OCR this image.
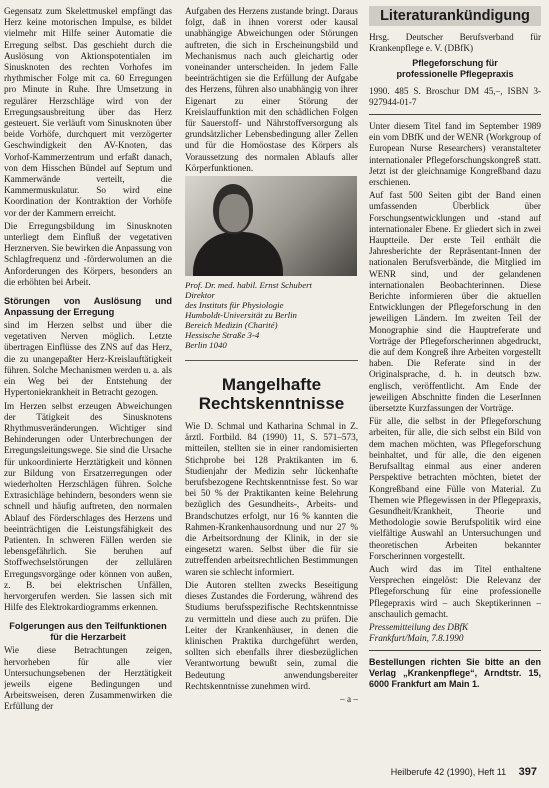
Gegensatz zum Skelettmuskel empfängt das Herz keine motorischen Impulse, es bildet vielmehr mit Hilfe seiner Automatie die Erregung selbst. Das geschieht durch die Auslösung von Aktionspotentialen im Sinusknoten des rechten Vorhofes im rhythmischer Folge mit ca. 60 Erregungen pro Minute in Ruhe. Ihre Umsetzung in regulärer Herzschläge wird von der Erregungsausbreitung über das Herz gesteuert. Sie verläuft vom Sinusknoten über beide Vorhöfe, durchquert mit verzögerter Geschwindigkeit den AV-Knoten, das Vorhof-Kammerzentrum und erfaßt danach, von dem Hisschen Bündel auf Septum und Kammerwände verteilt, die Kammermuskulatur. So wird eine Koordination der Kontraktion der Vorhöfe vor der der Kammern erreicht.

Die Erregungsbildung im Sinusknoten unterliegt dem Einfluß der vegetativen Herznerven. Sie bewirken die Anpassung von Schlagfrequenz und -förderwolumen an die Anforderungen des Körpers, besonders an die erhöhten bei Arbeit.

Störungen von Auslösung und Anpassung der Erregung

sind im Herzen selbst und über die vegetativen Nerven möglich. Letzte übertragen Einflüsse des ZNS auf das Herz, die zu unangepaßter Herz-Kreislauftätigkeit führen. Solche Mechanismen werden u. a. als ein Weg bei der Entstehung der Hypertoniekrankheit in Betracht gezogen.

Im Herzen selbst erzeugen Abweichungen der Tätigkeit des Sinusknotens Rhythmusveränderungen. Wichtiger sind Behinderungen oder Unterbrechungen der Erregungsleitungswege. Sie sind die Ursache für unkoordinierte Herztätigkeit und können zur Bildung von Ersatzerregungen oder wiederholten Herzschlägen führen. Solche Extrasichläge behindern, besonders wenn sie schnell und häufig auftreten, den normalen Ablauf des Förderschlages des Herzens und beeinträchtigen die Leistungsfähigkeit des Patienten. In schweren Fällen werden sie lebensgefährlich. Sie beruhen auf Stoffwechselstörungen der zellulären Erregungsvorgänge oder können von außen, z. B. bei elektrischen Unfällen, hervorgerufen werden. Sie lassen sich mit Hilfe des Elektrokardiogramms erkennen.

Folgerungen aus den Teilfunktionen für die Herzarbeit

Wie diese Betrachtungen zeigen, hervorheben für alle vier Untersuchungsebenen der Herztätigkeit jeweils eigene Bedingungen und Arbeitsweisen, deren Zusammenwirken die Erfüllung der

Aufgaben des Herzens zustande bringt. Daraus folgt, daß in ihnen vorerst oder kausal unabhängige Abweichungen oder Störungen auftreten, die sich in Erscheinungsbild und Mechanismus nach auch gleichartig oder voneinander unterscheiden. In jedem Falle beeinträchtigen sie die Erfüllung der Aufgabe des Herzens, führen also unabhängig von ihrer Eigenart zu einer Störung der Kreislauffunktion mit den schädlichen Folgen für Sauerstoff- und Nährstoffversorgung als grundsätzlicher Lebensbedingung aller Zellen und für die Homöostase des Körpers als Voraussetzung des normalen Ablaufs aller Körperfunktionen.

Prof. Dr. med. habil. Ernst Schubert
Direktor
des Instituts für Physiologie
Humboldt-Universität zu Berlin
Bereich Medizin (Charité)
Hessische Straße 3-4
Berlin 1040
Mangelhafte
Rechtskenntnisse

Wie D. Schmal und Katharina Schmal in Z. ärztl. Fortbild. 84 (1990) 11, S. 571–573, mitteilen, stellten sie in einer randomisierten Stichprobe bei 128 Praktikanten im 6. Studienjahr der Medizin sehr lückenhafte berufsbezogene Rechtskenntnisse fest. So war bei 50 % der Praktikanten keine Belehrung bezüglich des Gesundheits-, Arbeits- und Brandschutzes erfolgt, nur 16 % kannten die Rahmen-Krankenhausordnung und nur 27 % die Arbeitsordnung der Klinik, in der sie eingesetzt waren. Selbst über die für sie zutreffenden arbeitsrechtlichen Bestimmungen waren sie schlecht informiert.

Die Autoren stellten zwecks Beseitigung dieses Zustandes die Forderung, während des Studiums berufsspezifische Rechtskenntnisse zu vermitteln und diese auch zu prüfen. Die Leiter der Krankenhäuser, in denen die klinischen Praktika durchgeführt werden, sollten sich ebenfalls ihrer diesbezüglichen Verantwortung bewußt sein, zumal die Bedeutung anwendungsbereiter Rechtskenntnisse zunehmen wird.

– a –

Literaturankündigung

Hrsg. Deutscher Berufsverband für Krankenpflege e. V. (DBfK)

Pflegeforschung für
professionelle Pflegepraxis

1990. 485 S. Broschur DM 45,–, ISBN 3-927944-01-7

Unter diesem Titel fand im September 1989 ein vom DBfK und der WENR (Workgroup of European Nurse Researchers) veranstalteter internationaler Pflegeforschungskongreß statt. Jetzt ist der gleichnamige Kongreßband dazu erschienen.

Auf fast 500 Seiten gibt der Band einen umfassenden Überblick über Forschungsentwicklungen und -stand auf internationaler Ebene. Er gliedert sich in zwei Hauptteile. Der erste Teil enthält die Jahresberichte der Repräsentant-Innen der nationalen Berufsverbände, die Mitglied im WENR sind, und der gelandenen internationalen Beobachterinnen. Diese Berichte informieren über die aktuellen Entwicklungen der Pflegeforschung in den jeweiligen Ländern. Im zweiten Teil der Monographie sind die Hauptreferate und Vorträge der Pflegeforscherinnen abgedruckt, die auf dem Kongreß ihre Arbeiten vorgestellt haben. Die Referate sind in der Originalsprache, d. h. in deutsch bzw. englisch, veröffentlicht. Am Ende der jeweiligen Abschnitte finden die LeserInnen übersetzte Kurzfassungen der Vorträge.

Für alle, die selbst in der Pflegeforschung arbeiten, für alle, die sich selbst ein Bild von dem machen möchten, was Pflegeforschung beinhaltet, und für alle, die den eigenen Berufsalltag einmal aus einer anderen Perspektive betrachten möchten, bietet der Kongreßband eine Fülle von Material. Zu Themen wie Pflegewissen in der Pflegepraxis, Gesundheit/Krankheit, Theorie und Methodologie sowie Berufspolitik wird eine vielfältige Auswahl an Untersuchungen und theoretischen Arbeiten bekannter Forscherinnen vorgestellt.

Auch wird das im Titel enthaltene Versprechen eingelöst: Die Relevanz der Pflegeforschung für eine professionelle Pflegepraxis wird – auch Skeptikerinnen – anschaulich gemacht.

Pressemitteilung des DBfK
Frankfurt/Main, 7.8.1990
Bestellungen richten Sie bitte an den Verlag „Krankenpflege“, Arndtstr. 15, 6000 Frankfurt am Main 1.
Heilberufe 42 (1990), Heft 11 397
